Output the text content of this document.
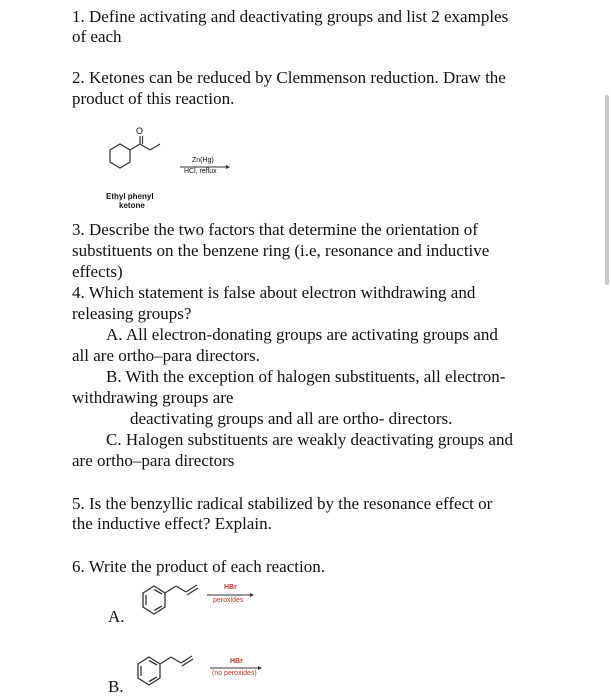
1. Define activating and deactivating groups and list 2 examples
of each
2. Ketones can be reduced by Clemmenson reduction. Draw the
product of this reaction.
O
Ethyl phenyl
ketone
Zn(Hg)
HCl, reflux
3. Describe the two factors that determine the orientation of
substituents on the benzene ring (i.e, resonance and inductive
effects)
4. Which statement is false about electron withdrawing and
releasing groups?
A. All electron-donating groups are activating groups and
all are ortho–para directors.
B. With the exception of halogen substituents, all electron-
withdrawing groups are
deactivating groups and all are ortho- directors.
C. Halogen substituents are weakly deactivating groups and
are ortho–para directors
5. Is the benzyllic radical stabilized by the resonance effect or
the inductive effect? Explain.
6. Write the product of each reaction.
A.
HBr
peroxides
B.
HBr
(no peroxides)
